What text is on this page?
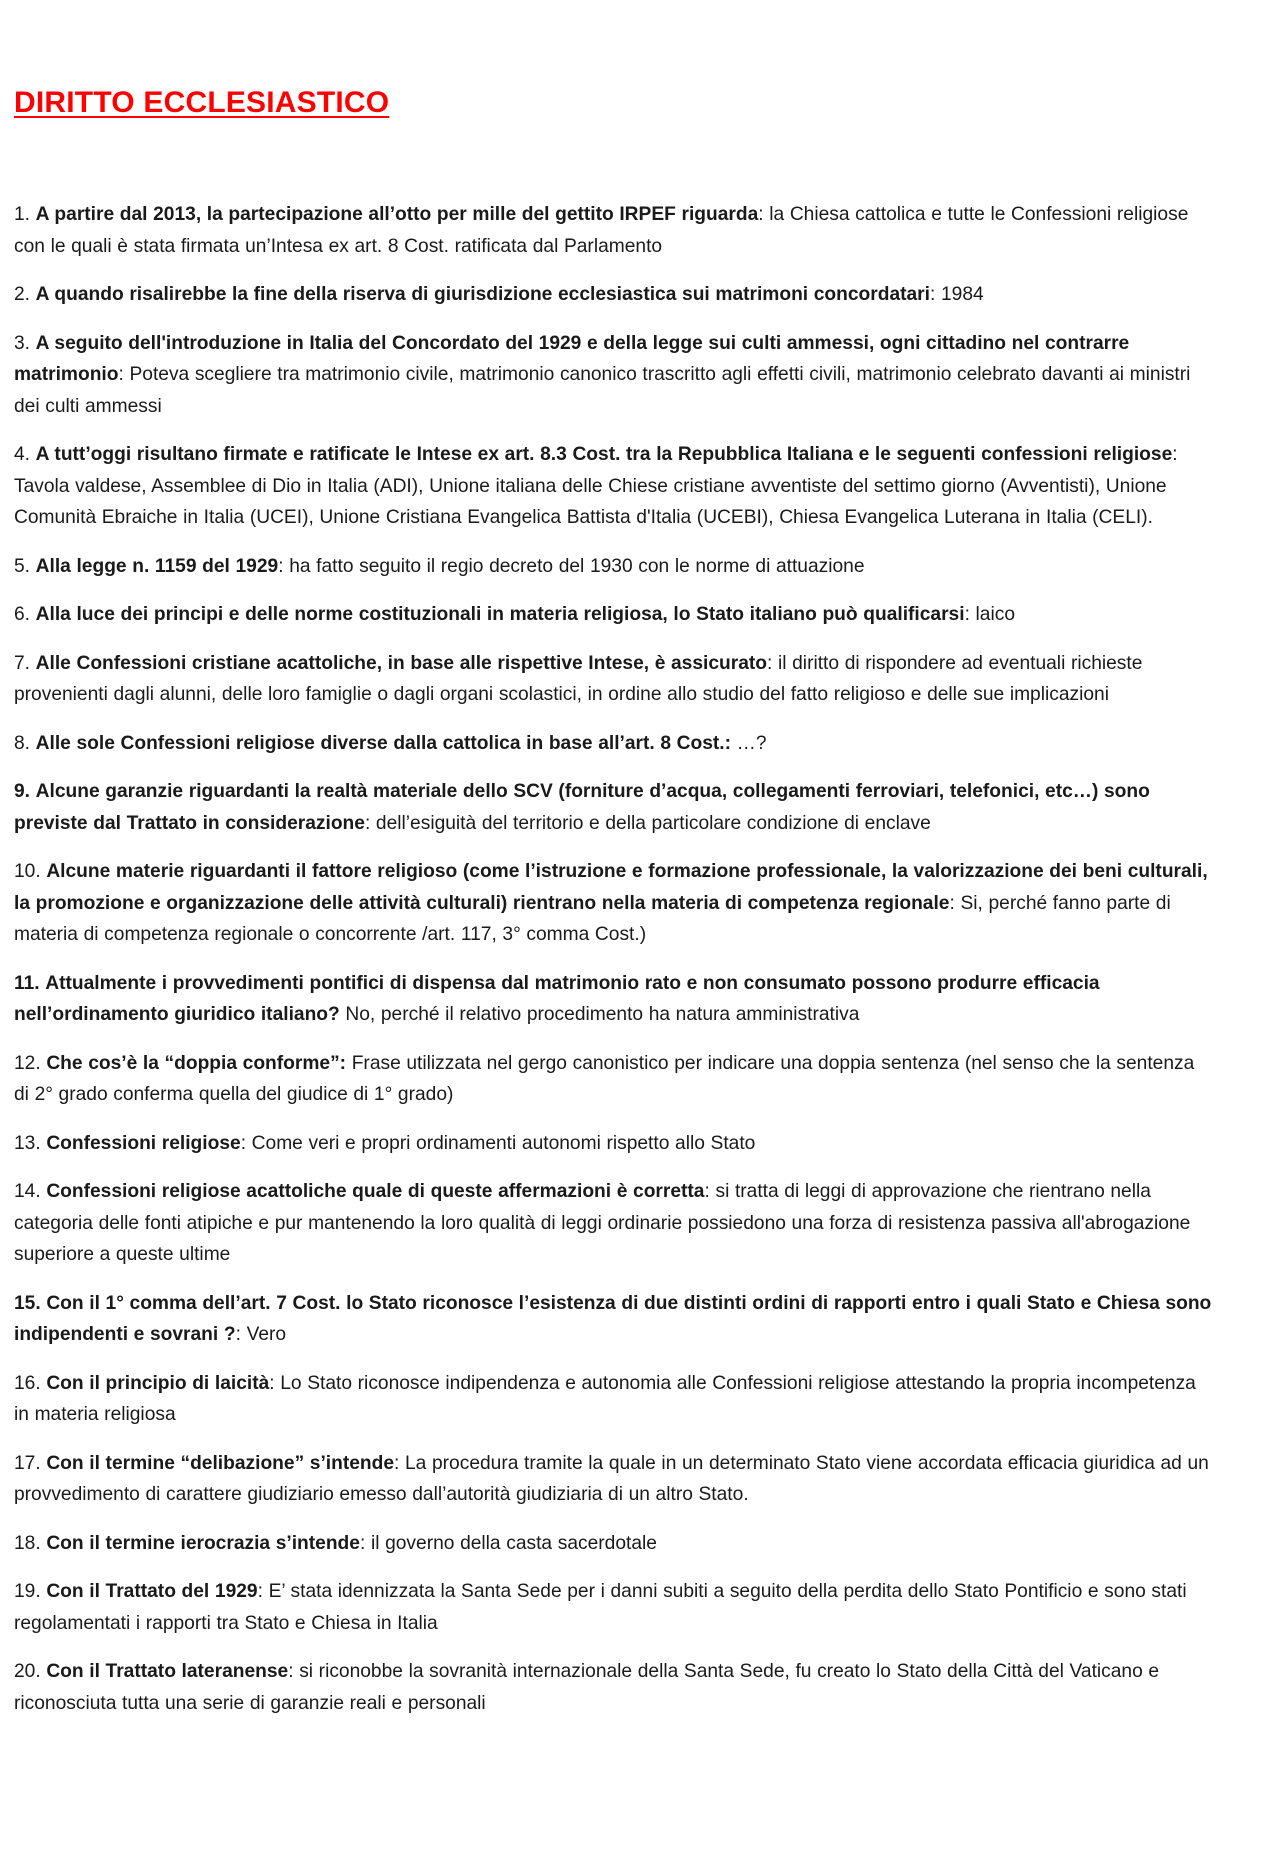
DIRITTO ECCLESIASTICO
1. A partire dal 2013, la partecipazione all’otto per mille del gettito IRPEF riguarda: la Chiesa cattolica e tutte le Confessioni religiose con le quali è stata firmata un’Intesa ex art. 8 Cost. ratificata dal Parlamento
2. A quando risalirebbe la fine della riserva di giurisdizione ecclesiastica sui matrimoni concordatari: 1984
3. A seguito dell'introduzione in Italia del Concordato del 1929 e della legge sui culti ammessi, ogni cittadino nel contrarre matrimonio: Poteva scegliere tra matrimonio civile, matrimonio canonico trascritto agli effetti civili, matrimonio celebrato davanti ai ministri dei culti ammessi
4. A tutt’oggi risultano firmate e ratificate le Intese ex art. 8.3 Cost. tra la Repubblica Italiana e le seguenti confessioni religiose: Tavola valdese, Assemblee di Dio in Italia (ADI), Unione italiana delle Chiese cristiane avventiste del settimo giorno (Avventisti), Unione Comunità Ebraiche in Italia (UCEI), Unione Cristiana Evangelica Battista d'Italia (UCEBI), Chiesa Evangelica Luterana in Italia (CELI).
5. Alla legge n. 1159 del 1929: ha fatto seguito il regio decreto del 1930 con le norme di attuazione
6. Alla luce dei principi e delle norme costituzionali in materia religiosa, lo Stato italiano può qualificarsi: laico
7. Alle Confessioni cristiane acattoliche, in base alle rispettive Intese, è assicurato: il diritto di rispondere ad eventuali richieste provenienti dagli alunni, delle loro famiglie o dagli organi scolastici, in ordine allo studio del fatto religioso e delle sue implicazioni
8. Alle sole Confessioni religiose diverse dalla cattolica in base all’art. 8 Cost.: …?
9. Alcune garanzie riguardanti la realtà materiale dello SCV (forniture d’acqua, collegamenti ferroviari, telefonici, etc…) sono previste dal Trattato in considerazione: dell’esiguità del territorio e della particolare condizione di enclave
10. Alcune materie riguardanti il fattore religioso (come l’istruzione e formazione professionale, la valorizzazione dei beni culturali, la promozione e organizzazione delle attività culturali) rientrano nella materia di competenza regionale: Si, perché fanno parte di materia di competenza regionale o concorrente /art. 117, 3° comma Cost.)
11. Attualmente i provvedimenti pontifici di dispensa dal matrimonio rato e non consumato possono produrre efficacia nell’ordinamento giuridico italiano? No, perché il relativo procedimento ha natura amministrativa
12. Che cos’è la “doppia conforme”: Frase utilizzata nel gergo canonistico per indicare una doppia sentenza (nel senso che la sentenza di 2° grado conferma quella del giudice di 1° grado)
13. Confessioni religiose: Come veri e propri ordinamenti autonomi rispetto allo Stato
14. Confessioni religiose acattoliche quale di queste affermazioni è corretta: si tratta di leggi di approvazione che rientrano nella categoria delle fonti atipiche e pur mantenendo la loro qualità di leggi ordinarie possiedono una forza di resistenza passiva all'abrogazione superiore a queste ultime
15. Con il 1° comma dell’art. 7 Cost. lo Stato riconosce l’esistenza di due distinti ordini di rapporti entro i quali Stato e Chiesa sono indipendenti e sovrani ?: Vero
16. Con il principio di laicità: Lo Stato riconosce indipendenza e autonomia alle Confessioni religiose attestando la propria incompetenza in materia religiosa
17. Con il termine “delibazione” s’intende: La procedura tramite la quale in un determinato Stato viene accordata efficacia giuridica ad un provvedimento di carattere giudiziario emesso dall’autorità giudiziaria di un altro Stato.
18. Con il termine ierocrazia s’intende: il governo della casta sacerdotale
19. Con il Trattato del 1929: E’ stata idennizzata la Santa Sede per i danni subiti a seguito della perdita dello Stato Pontificio e sono stati regolamentati i rapporti tra Stato e Chiesa in Italia
20. Con il Trattato lateranense: si riconobbe la sovranità internazionale della Santa Sede, fu creato lo Stato della Città del Vaticano e riconosciuta tutta una serie di garanzie reali e personali
